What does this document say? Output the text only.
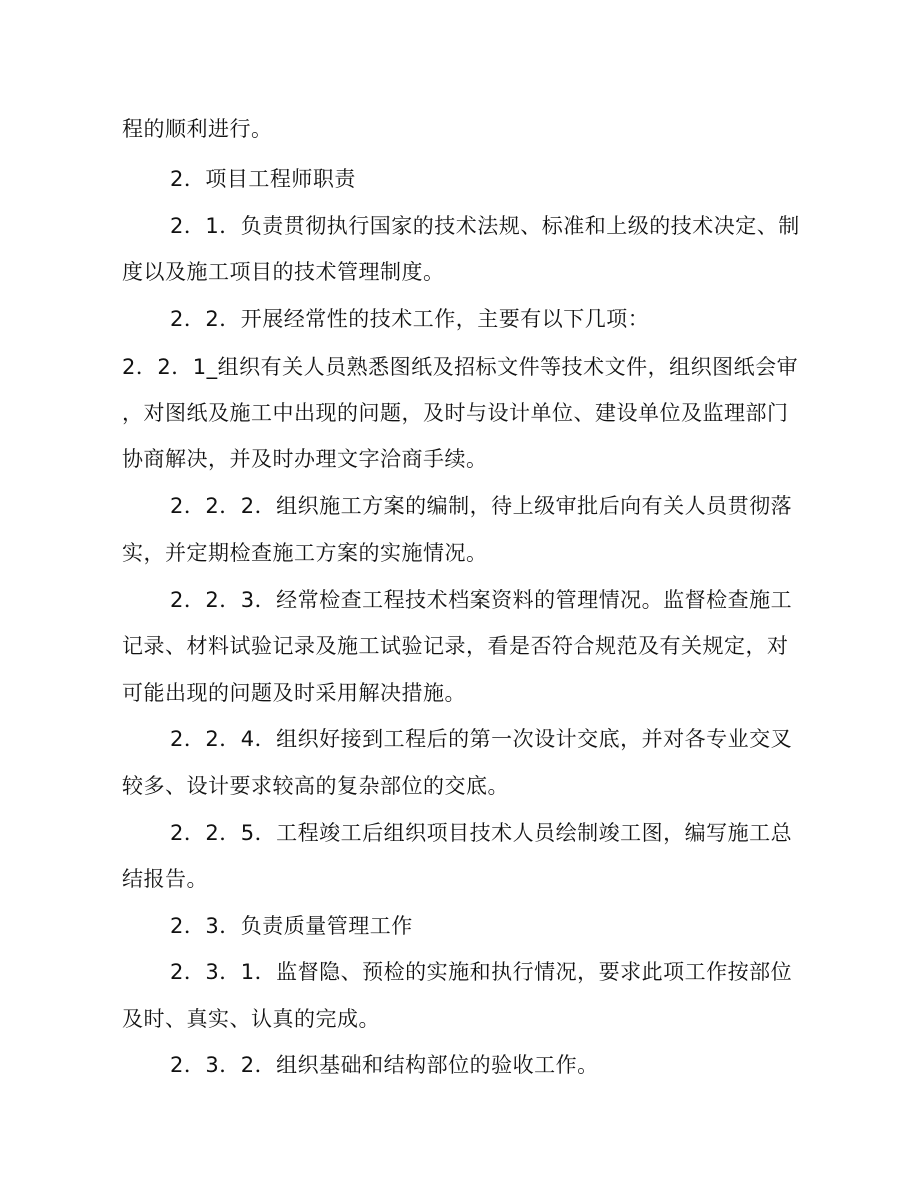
程的顺利进行。
2．项目工程师职责
2．1．负责贯彻执行国家的技术法规、标准和上级的技术决定、制
度以及施工项目的技术管理制度。
2．2．开展经常性的技术工作，主要有以下几项：
2．2．1_组织有关人员熟悉图纸及招标文件等技术文件，组织图纸会审
，对图纸及施工中出现的问题，及时与设计单位、建设单位及监理部门
协商解决，并及时办理文字洽商手续。
2．2．2．组织施工方案的编制，待上级审批后向有关人员贯彻落
实，并定期检查施工方案的实施情况。
2．2．3．经常检查工程技术档案资料的管理情况。监督检查施工
记录、材料试验记录及施工试验记录，看是否符合规范及有关规定，对
可能出现的问题及时采用解决措施。
2．2．4．组织好接到工程后的第一次设计交底，并对各专业交叉
较多、设计要求较高的复杂部位的交底。
2．2．5．工程竣工后组织项目技术人员绘制竣工图，编写施工总
结报告。
2．3．负责质量管理工作
2．3．1．监督隐、预检的实施和执行情况，要求此项工作按部位
及时、真实、认真的完成。
2．3．2．组织基础和结构部位的验收工作。
